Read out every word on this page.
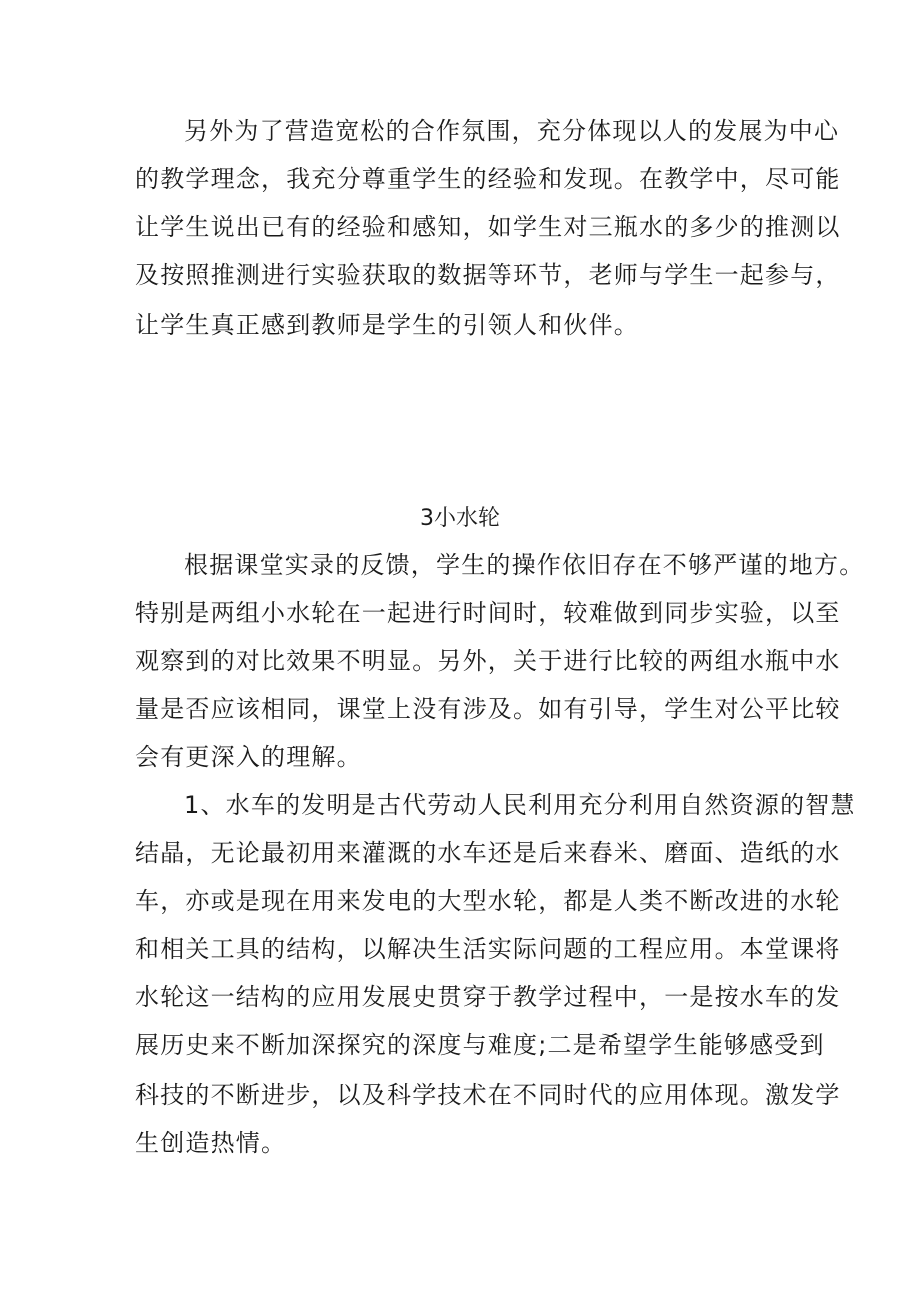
另外为了营造宽松的合作氛围，充分体现以人的发展为中心
的教学理念，我充分尊重学生的经验和发现。在教学中，尽可能
让学生说出已有的经验和感知，如学生对三瓶水的多少的推测以
及按照推测进行实验获取的数据等环节，老师与学生一起参与，
让学生真正感到教师是学生的引领人和伙伴。
3小水轮
根据课堂实录的反馈，学生的操作依旧存在不够严谨的地方。
特别是两组小水轮在一起进行时间时，较难做到同步实验，以至
观察到的对比效果不明显。另外，关于进行比较的两组水瓶中水
量是否应该相同，课堂上没有涉及。如有引导，学生对公平比较
会有更深入的理解。
1、水车的发明是古代劳动人民利用充分利用自然资源的智慧
结晶，无论最初用来灌溉的水车还是后来舂米、磨面、造纸的水
车，亦或是现在用来发电的大型水轮，都是人类不断改进的水轮
和相关工具的结构，以解决生活实际问题的工程应用。本堂课将
水轮这一结构的应用发展史贯穿于教学过程中，一是按水车的发
展历史来不断加深探究的深度与难度;二是希望学生能够感受到
科技的不断进步，以及科学技术在不同时代的应用体现。激发学
生创造热情。
